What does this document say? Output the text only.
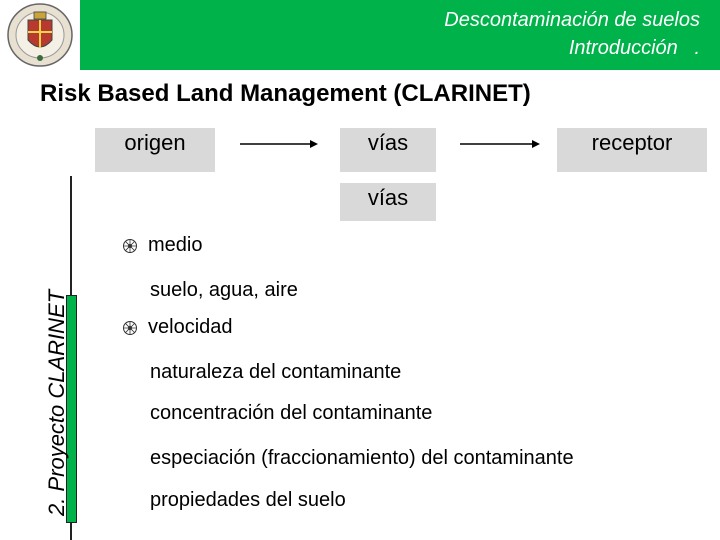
Descontaminación de suelos
Introducción   .
Risk Based Land Management (CLARINET)
origen	vías	receptor
vías
2. Proyecto CLARINET
medio
suelo, agua, aire
velocidad
naturaleza del contaminante
concentración del contaminante
especiación (fraccionamiento) del contaminante
propiedades del suelo
